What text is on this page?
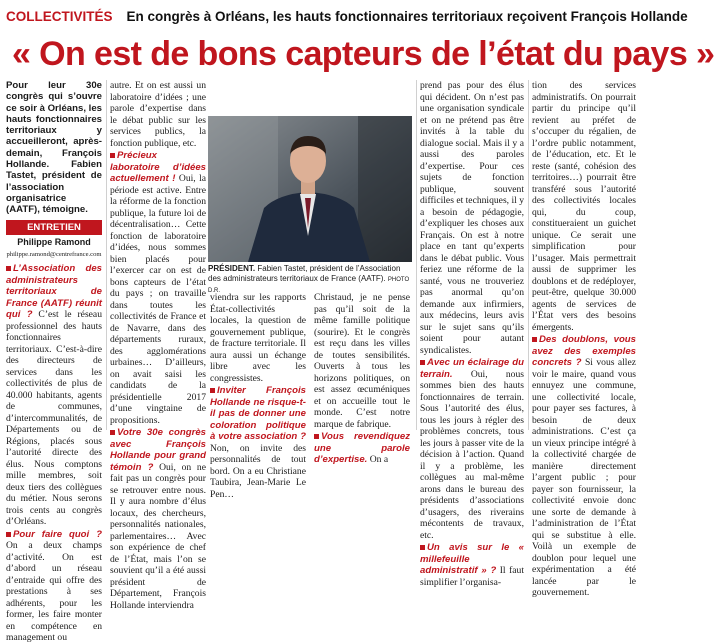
COLLECTIVITÉS En congrès à Orléans, les hauts fonctionnaires territoriaux reçoivent François Hollande
« On est de bons capteurs de l’état du pays »

Pour leur 30e congrès qui s’ouvre ce soir à Orléans, les hauts fonctionnaires territoriaux y accueilleront, après-demain, François Hollande. Fabien Tastet, président de l’association organisatrice (AATF), témoigne.

ENTRETIEN
Philippe Ramond
philippe.ramond@centrefrance.com

L’Association des administrateurs territoriaux de France (AATF) réunit qui ? C’est le réseau professionnel des hauts fonctionnaires territoriaux. C’est-à-dire des directeurs de services dans les collectivités de plus de 40.000 habitants, agents de communes, d’intercommunalités, de Départements ou de Régions, placés sous l’autorité directe des élus. Nous comptons mille membres, soit deux tiers des collègues du métier. Nous serons trois cents au congrès d’Orléans.

Pour faire quoi ? On a deux champs d’activité. On est d’abord un réseau d’entraide qui offre des prestations à ses adhérents, pour les former, les faire monter en compétence en management ou

autre. Et on est aussi un laboratoire d’idées ; une parole d’expertise dans le débat public sur les services publics, la fonction publique, etc.

Précieux laboratoire d’idées actuellement ! Oui, la période est active. Entre la réforme de la fonction publique, la future loi de décentralisation… Cette fonction de laboratoire d’idées, nous sommes bien placés pour l’exercer car on est de bons capteurs de l’état du pays ; on travaille dans toutes les collectivités de France et de Navarre, dans des départements ruraux, des agglomérations urbaines… D’ailleurs, on avait saisi les candidats de la présidentielle 2017 d’une vingtaine de propositions.

Votre 30e congrès avec François Hollande pour grand témoin ? Oui, on ne fait pas un congrès pour se retrouver entre nous. Il y aura nombre d’élus locaux, des chercheurs, personnalités nationales, parlementaires… Avec son expérience de chef de l’État, mais l’on se souvient qu’il a été aussi président de Département, François Hollande interviendra

PRÉSIDENT. Fabien Tastet, président de l’Association des administrateurs territoriaux de France (AATF). PHOTO D.R.

viendra sur les rapports État-collectivités locales, la question de gouvernement publique, de fracture territoriale. Il aura aussi un échange libre avec les congressistes.

Inviter François Hollande ne risque-t-il pas de donner une coloration politique à votre association ? Non, on invite des personnalités de tout bord. On a eu Christiane Taubira, Jean-Marie Le Pen…

Christaud, je ne pense pas qu’il soit de la même famille politique (sourire). Et le congrès est reçu dans les villes de toutes sensibilités. Ouverts à tous les horizons politiques, on est assez œcuméniques et on accueille tout le monde. C’est notre marque de fabrique.

Vous revendiquez une parole d’expertise. On a

prend pas pour des élus qui décident. On n’est pas une organisation syndicale et on ne prétend pas être invités à la table du dialogue social. Mais il y a aussi des paroles d’expertise. Pour ces sujets de fonction publique, souvent difficiles et techniques, il y a besoin de pédagogie, d’expliquer les choses aux Français. On est à notre place en tant qu’experts dans le débat public. Vous feriez une réforme de la santé, vous ne trouveriez pas anormal qu’on demande aux infirmiers, aux médecins, leurs avis sur le sujet sans qu’ils soient pour autant syndicalistes.

Avec un éclairage du terrain. Oui, nous sommes bien des hauts fonctionnaires de terrain. Sous l’autorité des élus, tous les jours à régler des problèmes concrets, tous les jours à passer vite de la décision à l’action. Quand il y a problème, les collègues au mal-même arons dans le bureau des présidents d’associations d’usagers, des riverains mécontents de travaux, etc.

Un avis sur le « millefeuille administratif » ? Il faut simplifier l’organisa-

tion des services administratifs. On pourrait partir du principe qu’il revient au préfet de s’occuper du régalien, de l’ordre public notamment, de l’éducation, etc. Et le reste (santé, cohésion des territoires…) pourrait être transféré sous l’autorité des collectivités locales qui, du coup, constitueraient un guichet unique. Ce serait une simplification pour l’usager. Mais permettrait aussi de supprimer les doublons et de redéployer, peut-être, quelque 30.000 agents de services de l’État vers des besoins émergents.

Des doublons, vous avez des exemples concrets ? Si vous allez voir le maire, quand vous ennuyez une commune, une collectivité locale, pour payer ses factures, à besoin de deux administrations. C’est ça un vieux principe intégré à la collectivité chargée de manière directement l’argent public ; pour payer son fournisseur, la collectivité envoie donc une sorte de demande à l’administration de l’État qui se substitue à elle. Voilà un exemple de doublon pour lequel une expérimentation a été lancée par le gouvernement.
